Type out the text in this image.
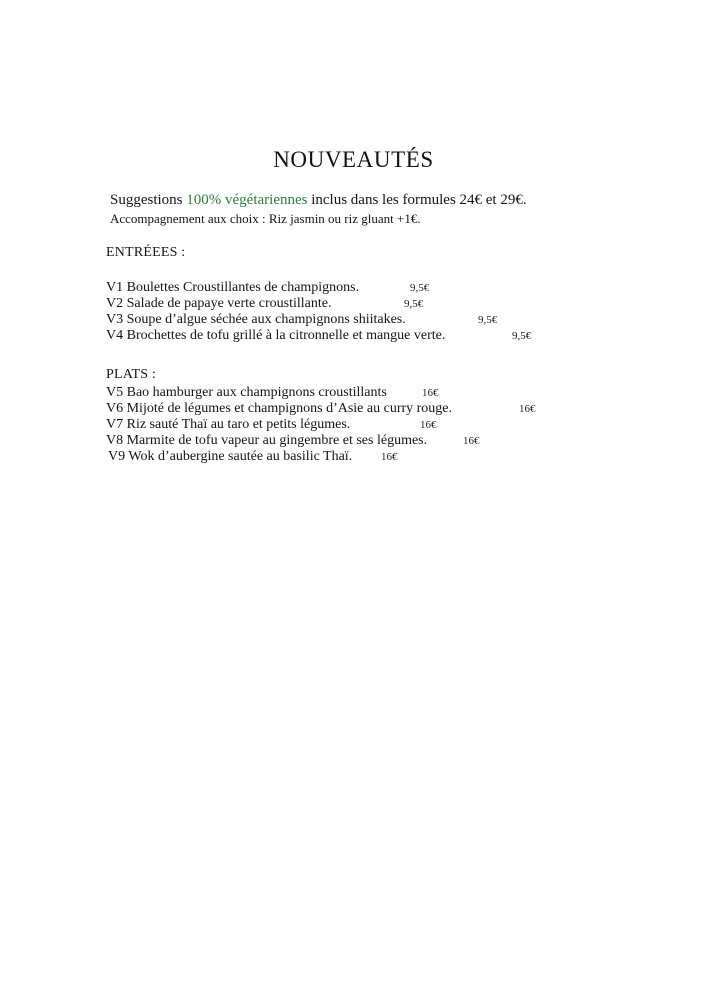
NOUVEAUTÉS

Suggestions 100% végétariennes inclus dans les formules 24€ et 29€.

Accompagnement aux choix : Riz jasmin ou riz gluant +1€.

ENTRÉEES :
V1 Boulettes Croustillantes de champignons.	9,5€
V2 Salade de papaye verte croustillante.	9,5€
V3 Soupe d’algue séchée aux champignons shiitakes.	9,5€
V4 Brochettes de tofu grillé à la citronnelle et mangue verte.	9,5€
PLATS :
V5 Bao hamburger aux champignons croustillants	16€
V6 Mijoté de légumes et champignons d’Asie au curry rouge.	16€
V7 Riz sauté Thaï au taro et petits légumes.	16€
V8 Marmite de tofu vapeur au gingembre et ses légumes.	16€
V9 Wok d’aubergine sautée au basilic Thaï.	16€
